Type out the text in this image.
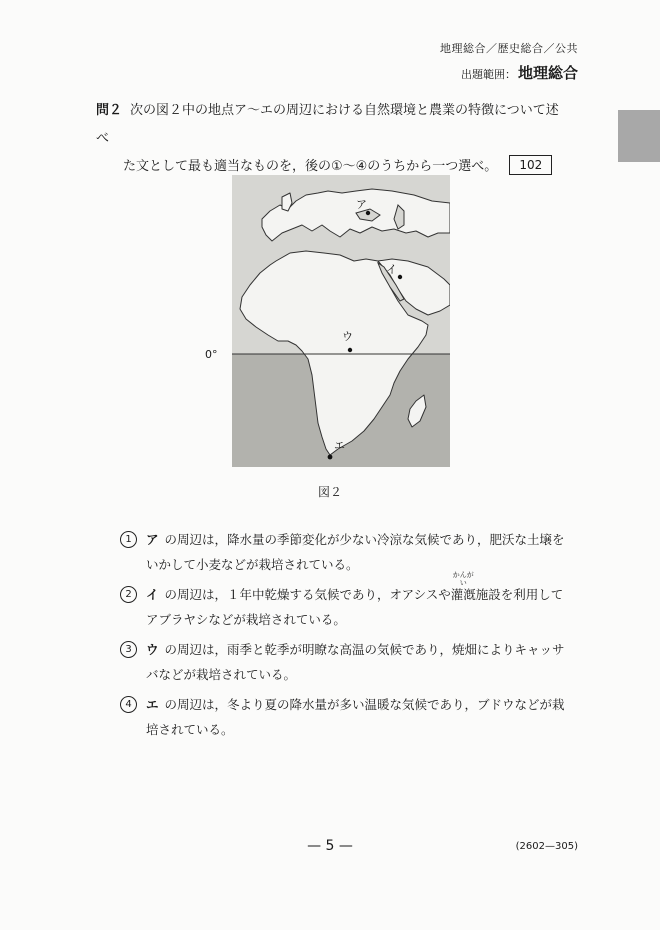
地理総合／歴史総合／公共
出題範囲： 地理総合
問２ 次の図２中の地点ア～エの周辺における自然環境と農業の特徴について述べ
た文として最も適当なものを，後の①～④のうちから一つ選べ。 102
0°
ア
イ
ウ
エ
図２
1	ア の周辺は，降水量の季節変化が少ない冷涼な気候であり，肥沃な土壌を
いかして小麦などが栽培されている。
2	イ の周辺は，１年中乾燥する気候であり，オアシスや
かんがい
灌漑施設を利用して
アブラヤシなどが栽培されている。
3	ウ の周辺は，雨季と乾季が明瞭な高温の気候であり，焼畑によりキャッサ
バなどが栽培されている。
4	エ の周辺は，冬より夏の降水量が多い温暖な気候であり，ブドウなどが栽
培されている。
— 5 —	(2602—305)
